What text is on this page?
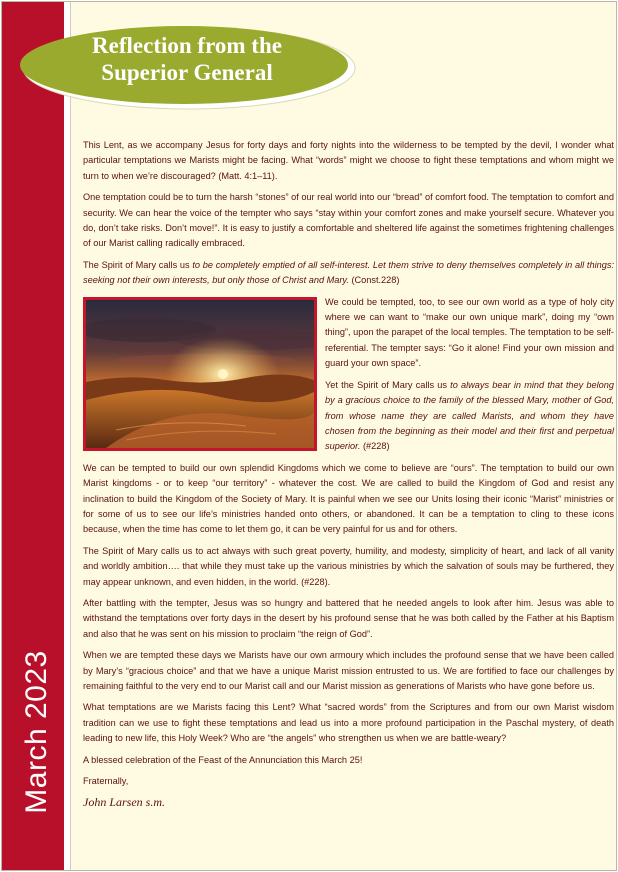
March 2023
Reflection from the
Superior General

This Lent, as we accompany Jesus for forty days and forty nights into the wilderness to be tempted by the devil, I wonder what particular temptations we Marists might be facing. What “words” might we choose to fight these temptations and whom might we turn to when we’re discouraged? (Matt. 4:1–11).

One temptation could be to turn the harsh “stones” of our real world into our “bread” of comfort food. The temptation to comfort and security. We can hear the voice of the tempter who says “stay within your comfort zones and make yourself secure. Whatever you do, don’t take risks. Don’t move!”. It is easy to justify a comfortable and sheltered life against the sometimes frightening challenges of our Marist calling radically embraced.

The Spirit of Mary calls us to be completely emptied of all self-interest. Let them strive to deny themselves completely in all things: seeking not their own interests, but only those of Christ and Mary. (Const.228)

We could be tempted, too, to see our own world as a type of holy city where we can want to “make our own unique mark”, doing my “own thing”, upon the parapet of the local temples. The temptation to be self-referential. The tempter says: “Go it alone! Find your own mission and guard your own space”.

Yet the Spirit of Mary calls us to always bear in mind that they belong by a gracious choice to the family of the blessed Mary, mother of God, from whose name they are called Marists, and whom they have chosen from the beginning as their model and their first and perpetual superior. (#228)

We can be tempted to build our own splendid Kingdoms which we come to believe are “ours”. The temptation to build our own Marist kingdoms - or to keep “our territory” - whatever the cost. We are called to build the Kingdom of God and resist any inclination to build the Kingdom of the Society of Mary. It is painful when we see our Units losing their iconic “Marist” ministries or for some of us to see our life’s ministries handed onto others, or abandoned. It can be a temptation to cling to these icons because, when the time has come to let them go, it can be very painful for us and for others.

The Spirit of Mary calls us to act always with such great poverty, humility, and modesty, simplicity of heart, and lack of all vanity and worldly ambition…. that while they must take up the various ministries by which the salvation of souls may be furthered, they may appear unknown, and even hidden, in the world. (#228).

After battling with the tempter, Jesus was so hungry and battered that he needed angels to look after him. Jesus was able to withstand the temptations over forty days in the desert by his profound sense that he was both called by the Father at his Baptism and also that he was sent on his mission to proclaim “the reign of God”.

When we are tempted these days we Marists have our own armoury which includes the profound sense that we have been called by Mary’s “gracious choice” and that we have a unique Marist mission entrusted to us. We are fortified to face our challenges by remaining faithful to the very end to our Marist call and our Marist mission as generations of Marists who have gone before us.

What temptations are we Marists facing this Lent? What “sacred words” from the Scriptures and from our own Marist wisdom tradition can we use to fight these temptations and lead us into a more profound participation in the Paschal mystery, of death leading to new life, this Holy Week? Who are “the angels” who strengthen us when we are battle-weary?

A blessed celebration of the Feast of the Annunciation this March 25!

Fraternally,

John Larsen s.m.
